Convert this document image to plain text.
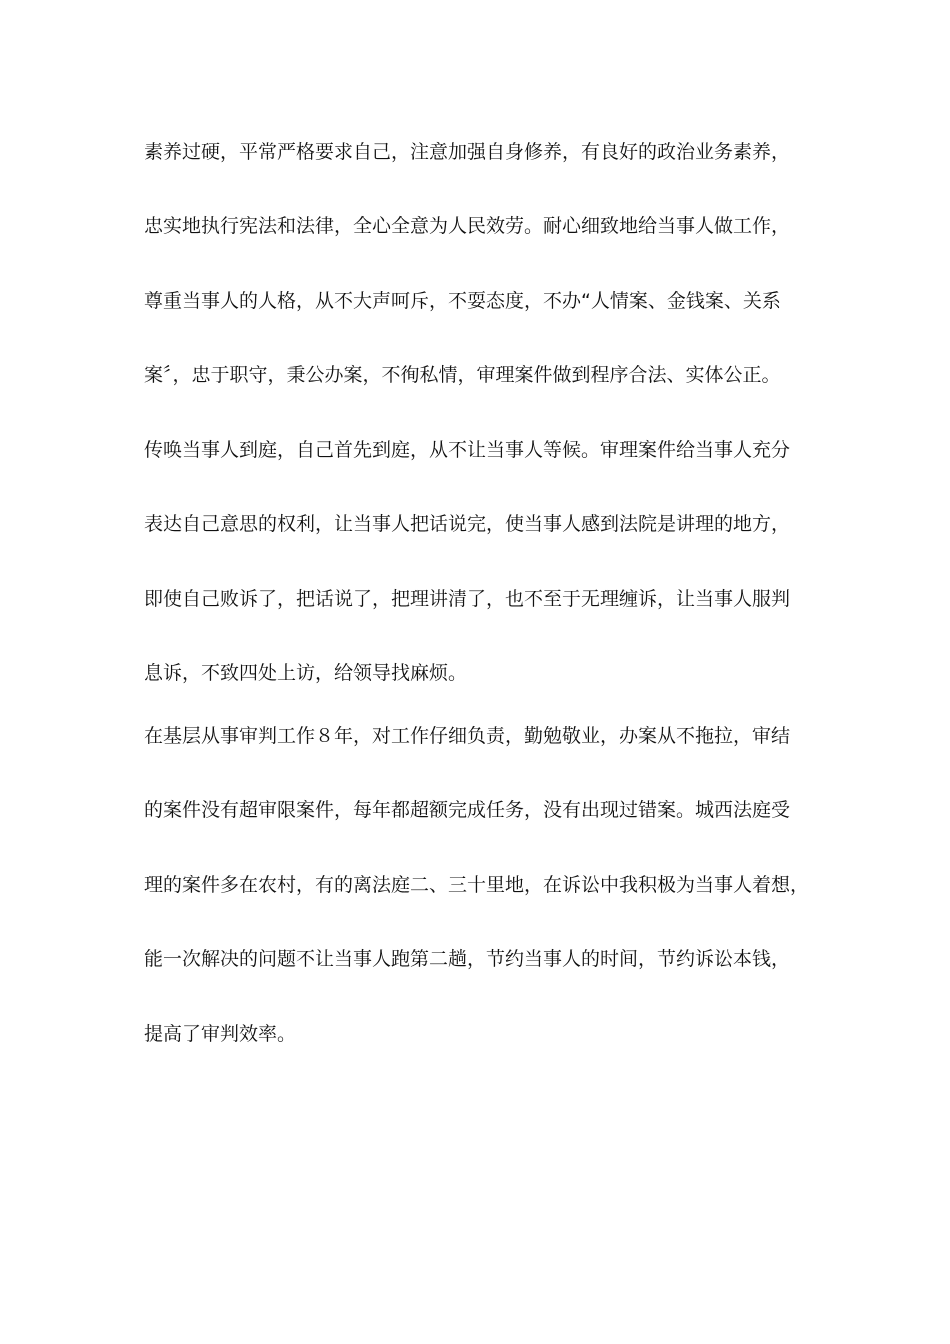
素养过硬，平常严格要求自己，注意加强自身修养，有良好的政治业务素养，
忠实地执行宪法和法律，全心全意为人民效劳。耐心细致地给当事人做工作，
尊重当事人的人格，从不大声呵斥，不耍态度，不办“人情案、金钱案、关系
案〞，忠于职守，秉公办案，不徇私情，审理案件做到程序合法、实体公正。
传唤当事人到庭，自己首先到庭，从不让当事人等候。审理案件给当事人充分
表达自己意思的权利，让当事人把话说完，使当事人感到法院是讲理的地方，
即使自己败诉了，把话说了，把理讲清了，也不至于无理缠诉，让当事人服判
息诉，不致四处上访，给领导找麻烦。
在基层从事审判工作８年，对工作仔细负责，勤勉敬业，办案从不拖拉，审结
的案件没有超审限案件，每年都超额完成任务，没有出现过错案。城西法庭受
理的案件多在农村，有的离法庭二、三十里地，在诉讼中我积极为当事人着想，
能一次解决的问题不让当事人跑第二趟，节约当事人的时间，节约诉讼本钱，
提高了审判效率。
